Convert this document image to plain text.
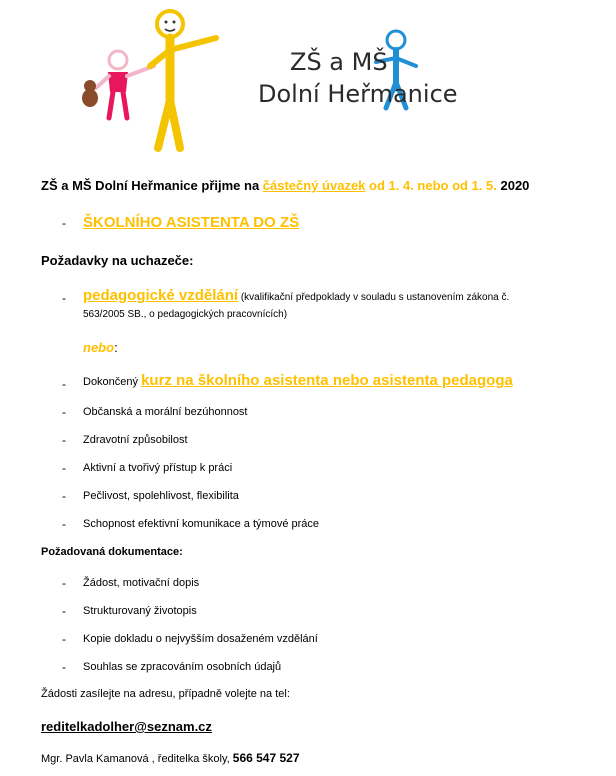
ZŠ a MŠ
Dolní Heřmanice
ZŠ a MŠ Dolní Heřmanice přijme na částečný úvazek od 1. 4. nebo od 1. 5. 2020
- ŠKOLNÍHO ASISTENTA DO ZŠ
Požadavky na uchazeče:
- pedagogické vzdělání (kvalifikační předpoklady v souladu s ustanovením zákona č.
563/2005 SB., o pedagogických pracovnících)
nebo:
- Dokončený kurz na školního asistenta nebo asistenta pedagoga
- Občanská a morální bezúhonnost
- Zdravotní způsobilost
- Aktivní a tvořivý přístup k práci
- Pečlivost, spolehlivost, flexibilita
- Schopnost efektivní komunikace a týmové práce
Požadovaná dokumentace:
- Žádost, motivační dopis
- Strukturovaný životopis
- Kopie dokladu o nejvyšším dosaženém vzdělání
- Souhlas se zpracováním osobních údajů
Žádosti zasílejte na adresu, případně volejte na tel:
reditelkadolher@seznam.cz
Mgr. Pavla Kamanová , ředitelka školy, 566 547 527
